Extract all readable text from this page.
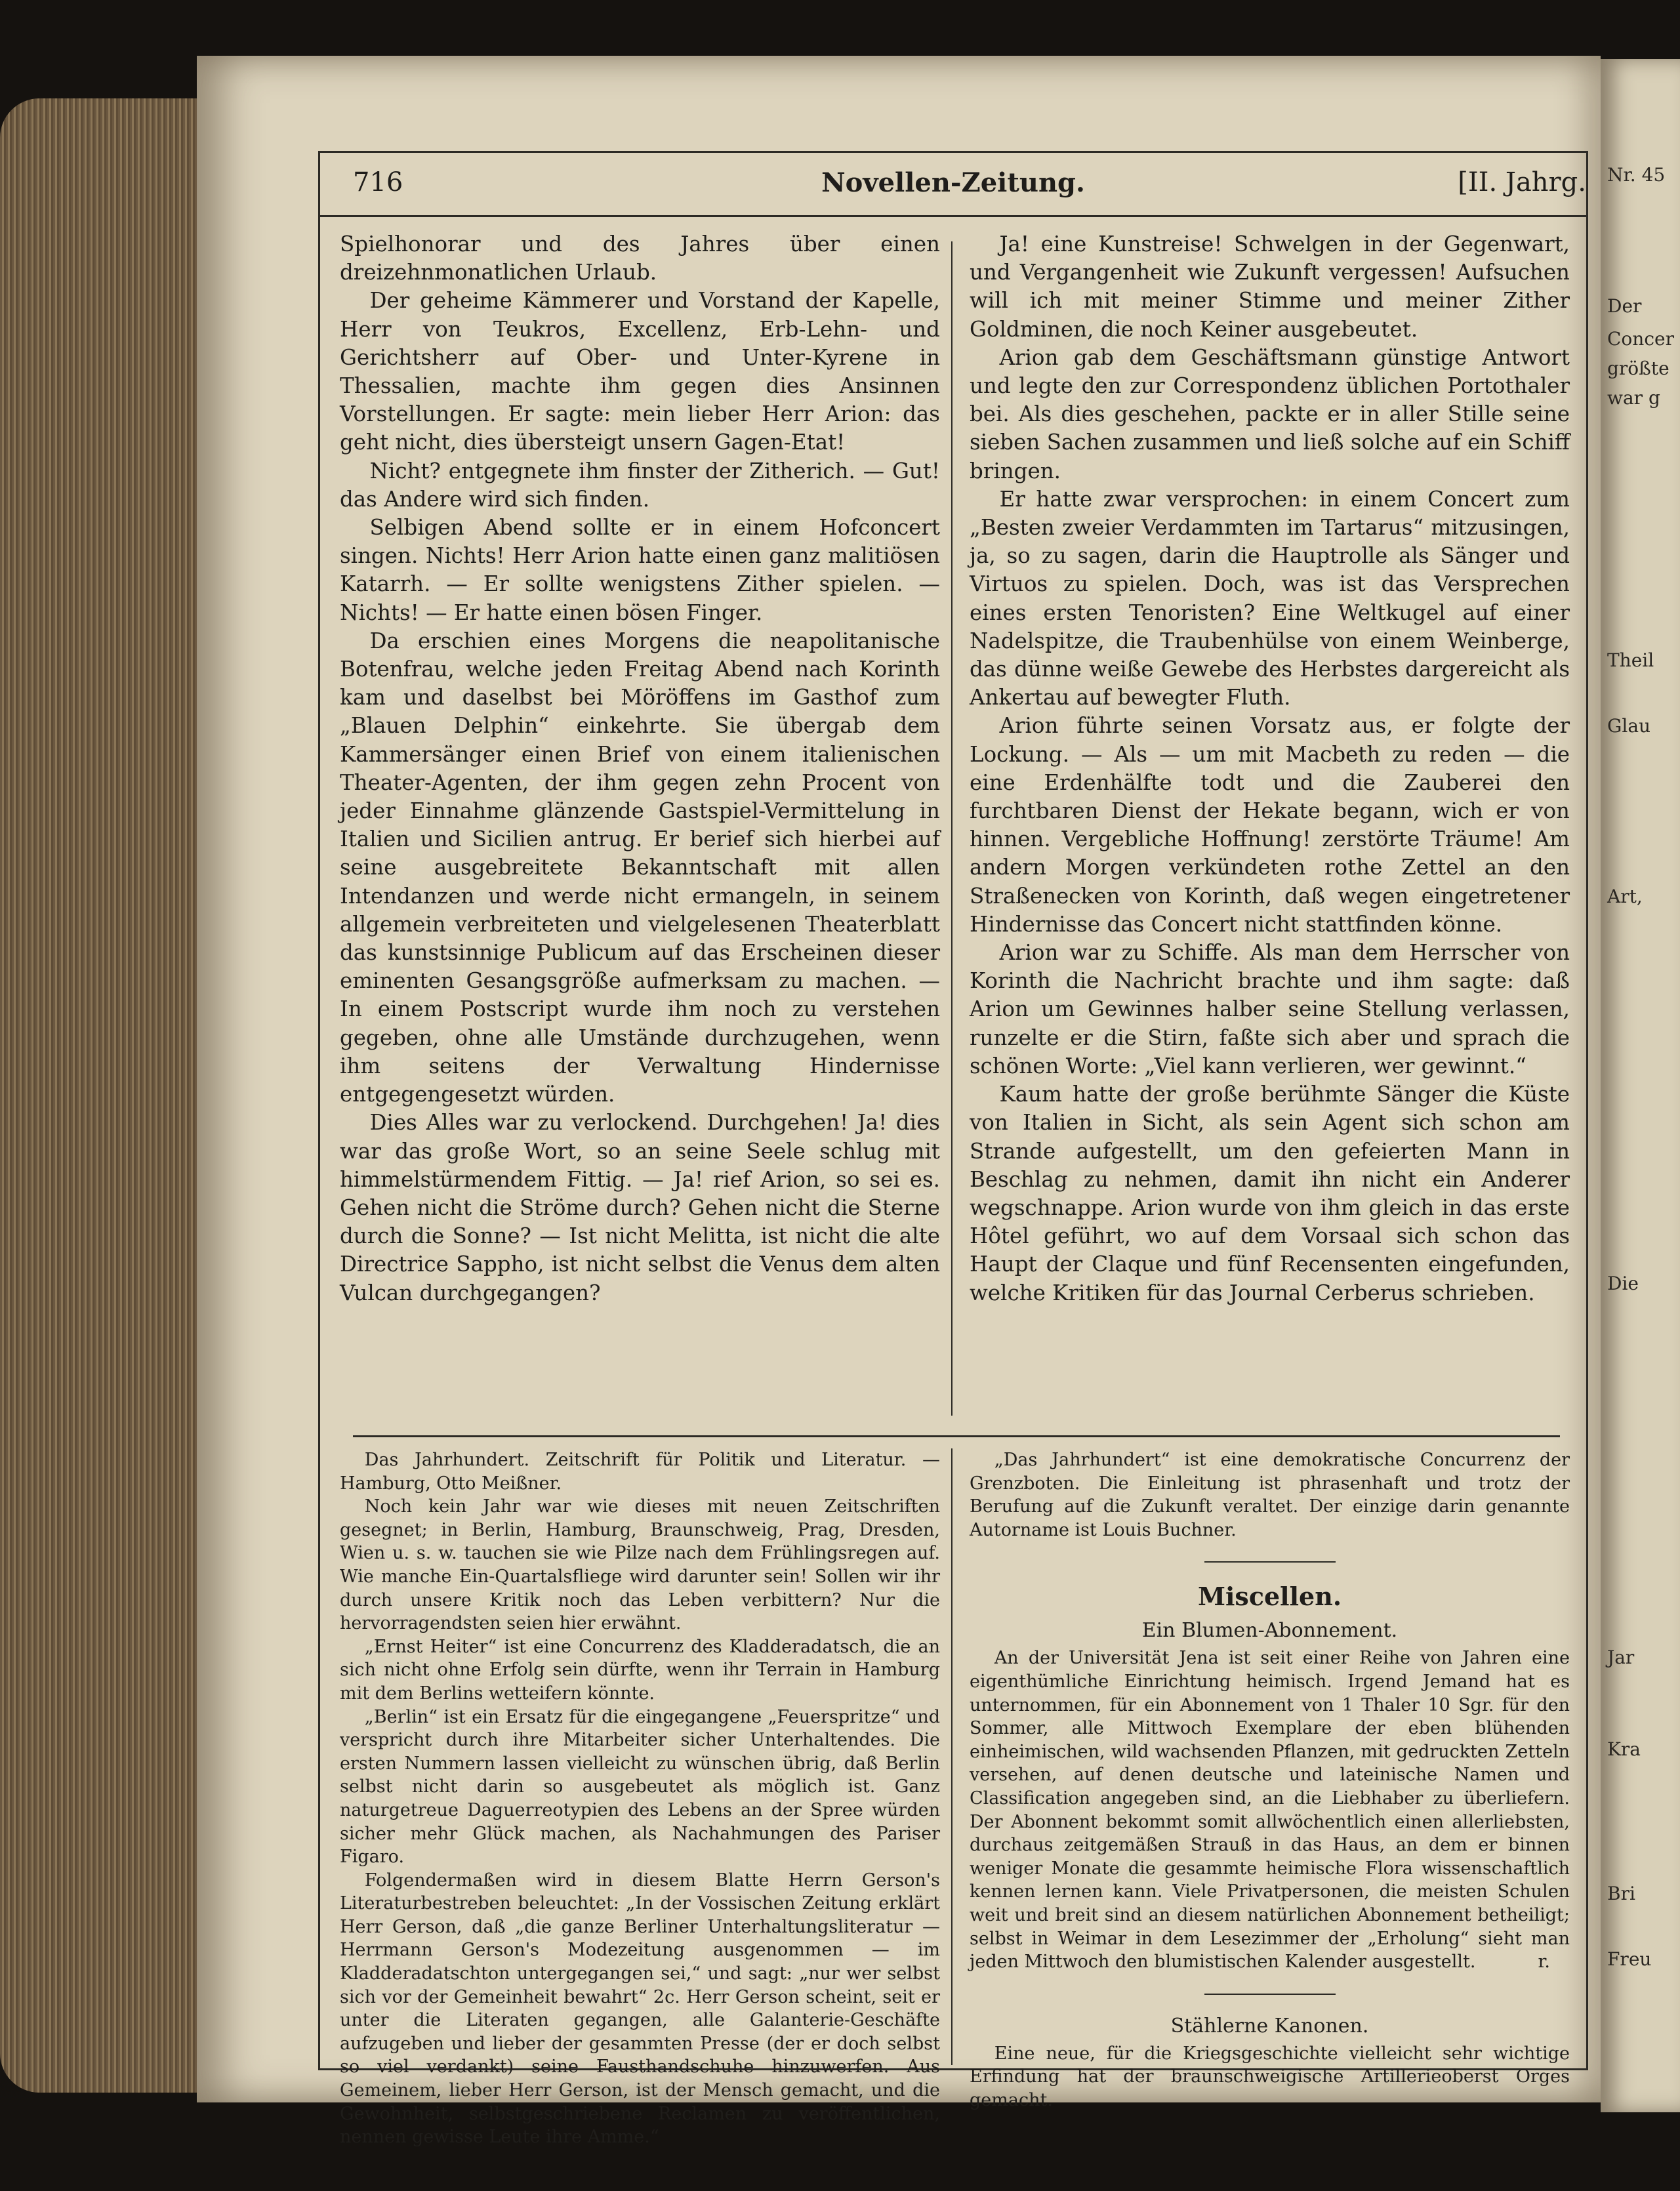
Nr. 45
Der
Concer
größte
war g
Theil
Glau
Art,
Die
Jar
Kra
Bri
Freu
716	Novellen-Zeitung.	[II. Jahrg.

Spielhonorar und des Jahres über einen dreizehnmonatlichen Urlaub.

Der geheime Kämmerer und Vorstand der Kapelle, Herr von Teukros, Excellenz, Erb-Lehn- und Gerichtsherr auf Ober- und Unter-Kyrene in Thessalien, machte ihm gegen dies Ansinnen Vorstellungen. Er sagte: mein lieber Herr Arion: das geht nicht, dies übersteigt unsern Gagen-Etat!

Nicht? entgegnete ihm finster der Zitherich. — Gut! das Andere wird sich finden.

Selbigen Abend sollte er in einem Hofconcert singen. Nichts! Herr Arion hatte einen ganz malitiösen Katarrh. — Er sollte wenigstens Zither spielen. — Nichts! — Er hatte einen bösen Finger.

Da erschien eines Morgens die neapolitanische Botenfrau, welche jeden Freitag Abend nach Korinth kam und daselbst bei Möröffens im Gasthof zum „Blauen Delphin“ einkehrte. Sie übergab dem Kammersänger einen Brief von einem italienischen Theater-Agenten, der ihm gegen zehn Procent von jeder Einnahme glänzende Gastspiel-Vermittelung in Italien und Sicilien antrug. Er berief sich hierbei auf seine ausgebreitete Bekanntschaft mit allen Intendanzen und werde nicht ermangeln, in seinem allgemein verbreiteten und vielgelesenen Theaterblatt das kunstsinnige Publicum auf das Erscheinen dieser eminenten Gesangsgröße aufmerksam zu machen. — In einem Postscript wurde ihm noch zu verstehen gegeben, ohne alle Umstände durchzugehen, wenn ihm seitens der Verwaltung Hindernisse entgegengesetzt würden.

Dies Alles war zu verlockend. Durchgehen! Ja! dies war das große Wort, so an seine Seele schlug mit himmelstürmendem Fittig. — Ja! rief Arion, so sei es. Gehen nicht die Ströme durch? Gehen nicht die Sterne durch die Sonne? — Ist nicht Melitta, ist nicht die alte Directrice Sappho, ist nicht selbst die Venus dem alten Vulcan durchgegangen?

Ja! eine Kunstreise! Schwelgen in der Gegenwart, und Vergangenheit wie Zukunft vergessen! Aufsuchen will ich mit meiner Stimme und meiner Zither Goldminen, die noch Keiner ausgebeutet.

Arion gab dem Geschäftsmann günstige Antwort und legte den zur Correspondenz üblichen Portothaler bei. Als dies geschehen, packte er in aller Stille seine sieben Sachen zusammen und ließ solche auf ein Schiff bringen.

Er hatte zwar versprochen: in einem Concert zum „Besten zweier Verdammten im Tartarus“ mitzusingen, ja, so zu sagen, darin die Hauptrolle als Sänger und Virtuos zu spielen. Doch, was ist das Versprechen eines ersten Tenoristen? Eine Weltkugel auf einer Nadelspitze, die Traubenhülse von einem Weinberge, das dünne weiße Gewebe des Herbstes dargereicht als Ankertau auf bewegter Fluth.

Arion führte seinen Vorsatz aus, er folgte der Lockung. — Als — um mit Macbeth zu reden — die eine Erdenhälfte todt und die Zauberei den furchtbaren Dienst der Hekate begann, wich er von hinnen. Vergebliche Hoffnung! zerstörte Träume! Am andern Morgen verkündeten rothe Zettel an den Straßenecken von Korinth, daß wegen eingetretener Hindernisse das Concert nicht stattfinden könne.

Arion war zu Schiffe. Als man dem Herrscher von Korinth die Nachricht brachte und ihm sagte: daß Arion um Gewinnes halber seine Stellung verlassen, runzelte er die Stirn, faßte sich aber und sprach die schönen Worte: „Viel kann verlieren, wer gewinnt.“

Kaum hatte der große berühmte Sänger die Küste von Italien in Sicht, als sein Agent sich schon am Strande aufgestellt, um den gefeierten Mann in Beschlag zu nehmen, damit ihn nicht ein Anderer wegschnappe. Arion wurde von ihm gleich in das erste Hôtel geführt, wo auf dem Vorsaal sich schon das Haupt der Claque und fünf Recensenten eingefunden, welche Kritiken für das Journal Cerberus schrieben.

Das Jahrhundert. Zeitschrift für Politik und Literatur. — Hamburg, Otto Meißner.

Noch kein Jahr war wie dieses mit neuen Zeitschriften gesegnet; in Berlin, Hamburg, Braunschweig, Prag, Dresden, Wien u. s. w. tauchen sie wie Pilze nach dem Frühlingsregen auf. Wie manche Ein-Quartalsfliege wird darunter sein! Sollen wir ihr durch unsere Kritik noch das Leben verbittern? Nur die hervorragendsten seien hier erwähnt.

„Ernst Heiter“ ist eine Concurrenz des Kladderadatsch, die an sich nicht ohne Erfolg sein dürfte, wenn ihr Terrain in Hamburg mit dem Berlins wetteifern könnte.

„Berlin“ ist ein Ersatz für die eingegangene „Feuerspritze“ und verspricht durch ihre Mitarbeiter sicher Unterhaltendes. Die ersten Nummern lassen vielleicht zu wünschen übrig, daß Berlin selbst nicht darin so ausgebeutet als möglich ist. Ganz naturgetreue Daguerreotypien des Lebens an der Spree würden sicher mehr Glück machen, als Nachahmungen des Pariser Figaro.

Folgendermaßen wird in diesem Blatte Herrn Gerson's Literaturbestreben beleuchtet: „In der Vossischen Zeitung erklärt Herr Gerson, daß „die ganze Berliner Unterhaltungsliteratur — Herrmann Gerson's Modezeitung ausgenommen — im Kladderadatschton untergegangen sei,“ und sagt: „nur wer selbst sich vor der Gemeinheit bewahrt“ 2c. Herr Gerson scheint, seit er unter die Literaten gegangen, alle Galanterie-Geschäfte aufzugeben und lieber der gesammten Presse (der er doch selbst so viel verdankt) seine Fausthandschuhe hinzuwerfen. Aus Gemeinem, lieber Herr Gerson, ist der Mensch gemacht, und die Gewohnheit, selbstgeschriebene Reclamen zu veröffentlichen, nennen gewisse Leute ihre Amme.“

„Das Jahrhundert“ ist eine demokratische Concurrenz der Grenzboten. Die Einleitung ist phrasenhaft und trotz der Berufung auf die Zukunft veraltet. Der einzige darin genannte Autorname ist Louis Buchner.

Miscellen.
Ein Blumen-Abonnement.

An der Universität Jena ist seit einer Reihe von Jahren eine eigenthümliche Einrichtung heimisch. Irgend Jemand hat es unternommen, für ein Abonnement von 1 Thaler 10 Sgr. für den Sommer, alle Mittwoch Exemplare der eben blühenden einheimischen, wild wachsenden Pflanzen, mit gedruckten Zetteln versehen, auf denen deutsche und lateinische Namen und Classification angegeben sind, an die Liebhaber zu überliefern. Der Abonnent bekommt somit allwöchentlich einen allerliebsten, durchaus zeitgemäßen Strauß in das Haus, an dem er binnen weniger Monate die gesammte heimische Flora wissenschaftlich kennen lernen kann. Viele Privatpersonen, die meisten Schulen weit und breit sind an diesem natürlichen Abonnement betheiligt; selbst in Weimar in dem Lesezimmer der „Erholung“ sieht man jeden Mittwoch den blumistischen Kalender ausgestellt.	r.

Stählerne Kanonen.

Eine neue, für die Kriegsgeschichte vielleicht sehr wichtige Erfindung hat der braunschweigische Artillerieoberst Orges gemacht.
